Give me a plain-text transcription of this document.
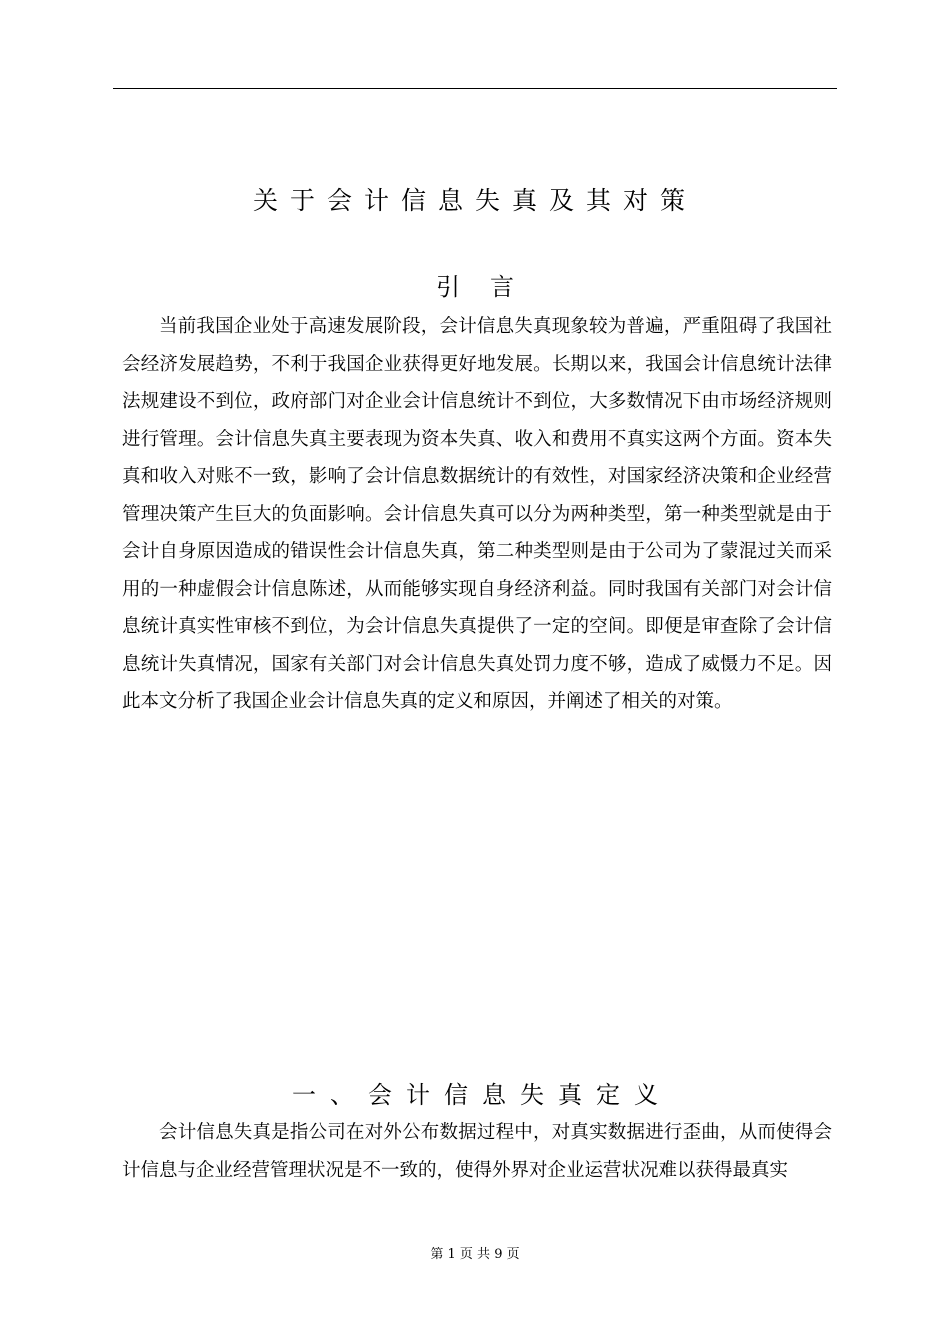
关于会计信息失真及其对策
引言

当前我国企业处于高速发展阶段，会计信息失真现象较为普遍，严重阻碍了我国社会经济发展趋势，不利于我国企业获得更好地发展。长期以来，我国会计信息统计法律法规建设不到位，政府部门对企业会计信息统计不到位，大多数情况下由市场经济规则进行管理。会计信息失真主要表现为资本失真、收入和费用不真实这两个方面。资本失真和收入对账不一致，影响了会计信息数据统计的有效性，对国家经济决策和企业经营管理决策产生巨大的负面影响。会计信息失真可以分为两种类型，第一种类型就是由于会计自身原因造成的错误性会计信息失真，第二种类型则是由于公司为了蒙混过关而采用的一种虚假会计信息陈述，从而能够实现自身经济利益。同时我国有关部门对会计信息统计真实性审核不到位，为会计信息失真提供了一定的空间。即便是审查除了会计信息统计失真情况，国家有关部门对会计信息失真处罚力度不够，造成了威慑力不足。因此本文分析了我国企业会计信息失真的定义和原因，并阐述了相关的对策。

一、会计信息失真定义

会计信息失真是指公司在对外公布数据过程中，对真实数据进行歪曲，从而使得会计信息与企业经营管理状况是不一致的，使得外界对企业运营状况难以获得最真实

第 1 页 共 9 页
